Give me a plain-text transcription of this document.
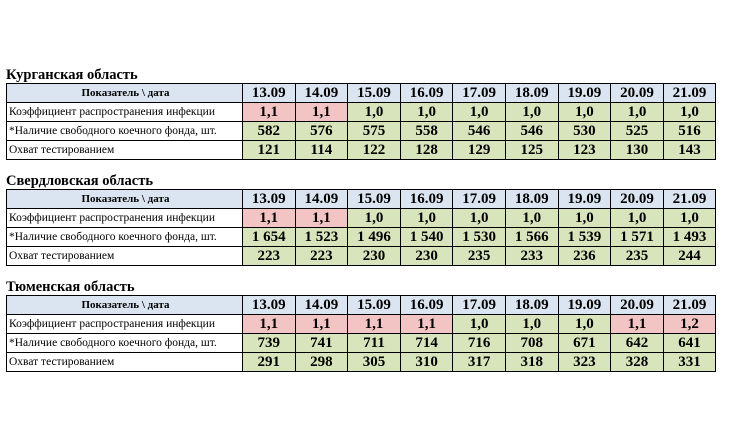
Курганская область
Показатель \ дата	13.09	14.09	15.09	16.09	17.09	18.09	19.09	20.09	21.09
Коэффициент распространения инфекции	1,1	1,1	1,0	1,0	1,0	1,0	1,0	1,0	1,0
*Наличие свободного коечного фонда, шт.	582	576	575	558	546	546	530	525	516
Охват тестированием	121	114	122	128	129	125	123	130	143
Свердловская область
Показатель \ дата	13.09	14.09	15.09	16.09	17.09	18.09	19.09	20.09	21.09
Коэффициент распространения инфекции	1,1	1,1	1,0	1,0	1,0	1,0	1,0	1,0	1,0
*Наличие свободного коечного фонда, шт.	1 654	1 523	1 496	1 540	1 530	1 566	1 539	1 571	1 493
Охват тестированием	223	223	230	230	235	233	236	235	244
Тюменская область
Показатель \ дата	13.09	14.09	15.09	16.09	17.09	18.09	19.09	20.09	21.09
Коэффициент распространения инфекции	1,1	1,1	1,1	1,1	1,0	1,0	1,0	1,1	1,2
*Наличие свободного коечного фонда, шт.	739	741	711	714	716	708	671	642	641
Охват тестированием	291	298	305	310	317	318	323	328	331
